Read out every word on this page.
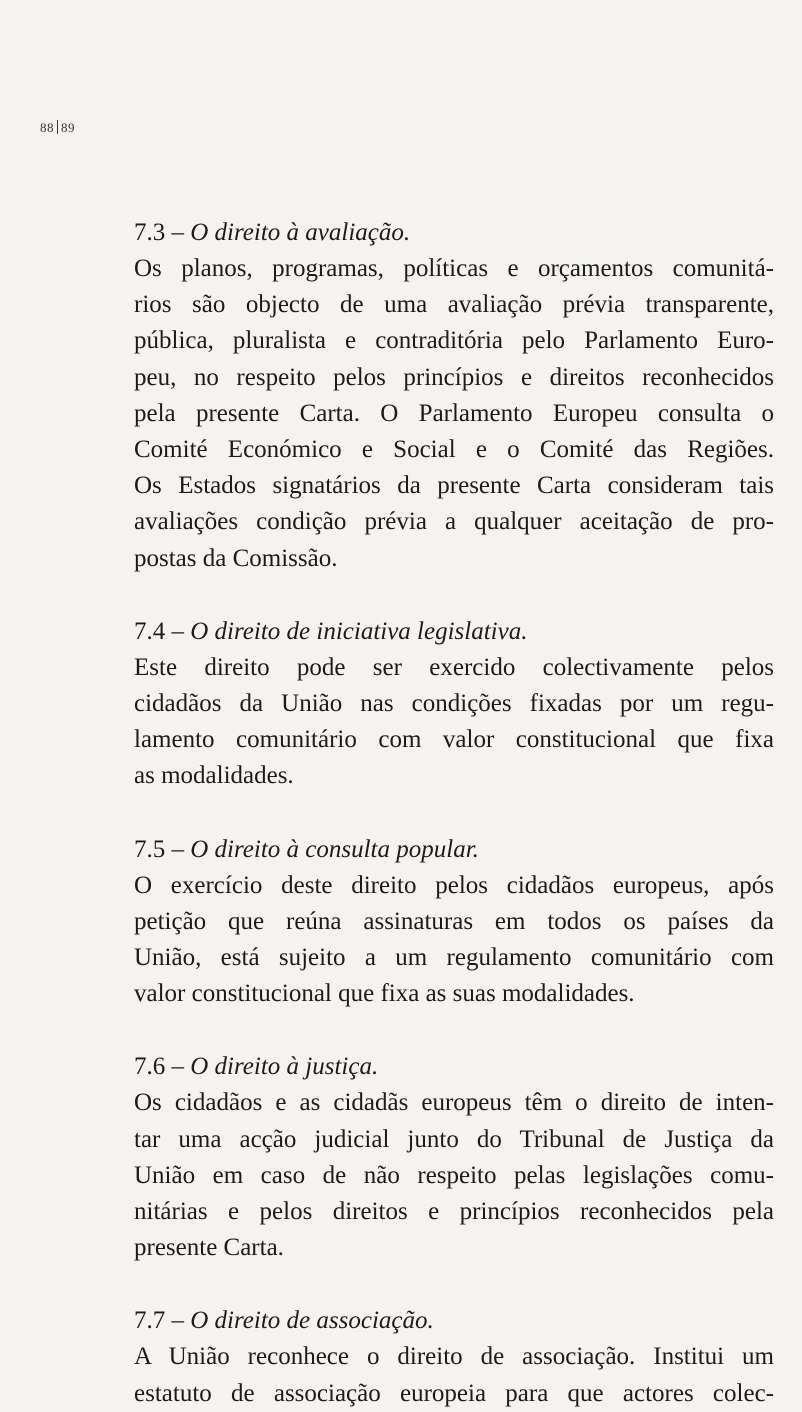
88 89

7.3 – O direito à avaliação.

Os planos, programas, políticas e orçamentos comunitá-
rios são objecto de uma avaliação prévia transparente,
pública, pluralista e contraditória pelo Parlamento Euro-
peu, no respeito pelos princípios e direitos reconhecidos
pela presente Carta. O Parlamento Europeu consulta o
Comité Económico e Social e o Comité das Regiões.
Os Estados signatários da presente Carta consideram tais
avaliações condição prévia a qualquer aceitação de pro-
postas da Comissão.

7.4 – O direito de iniciativa legislativa.

Este direito pode ser exercido colectivamente pelos
cidadãos da União nas condições fixadas por um regu-
lamento comunitário com valor constitucional que fixa
as modalidades.

7.5 – O direito à consulta popular.

O exercício deste direito pelos cidadãos europeus, após
petição que reúna assinaturas em todos os países da
União, está sujeito a um regulamento comunitário com
valor constitucional que fixa as suas modalidades.

7.6 – O direito à justiça.

Os cidadãos e as cidadãs europeus têm o direito de inten-
tar uma acção judicial junto do Tribunal de Justiça da
União em caso de não respeito pelas legislações comu-
nitárias e pelos direitos e princípios reconhecidos pela
presente Carta.

7.7 – O direito de associação.

A União reconhece o direito de associação. Institui um
estatuto de associação europeia para que actores colec-
